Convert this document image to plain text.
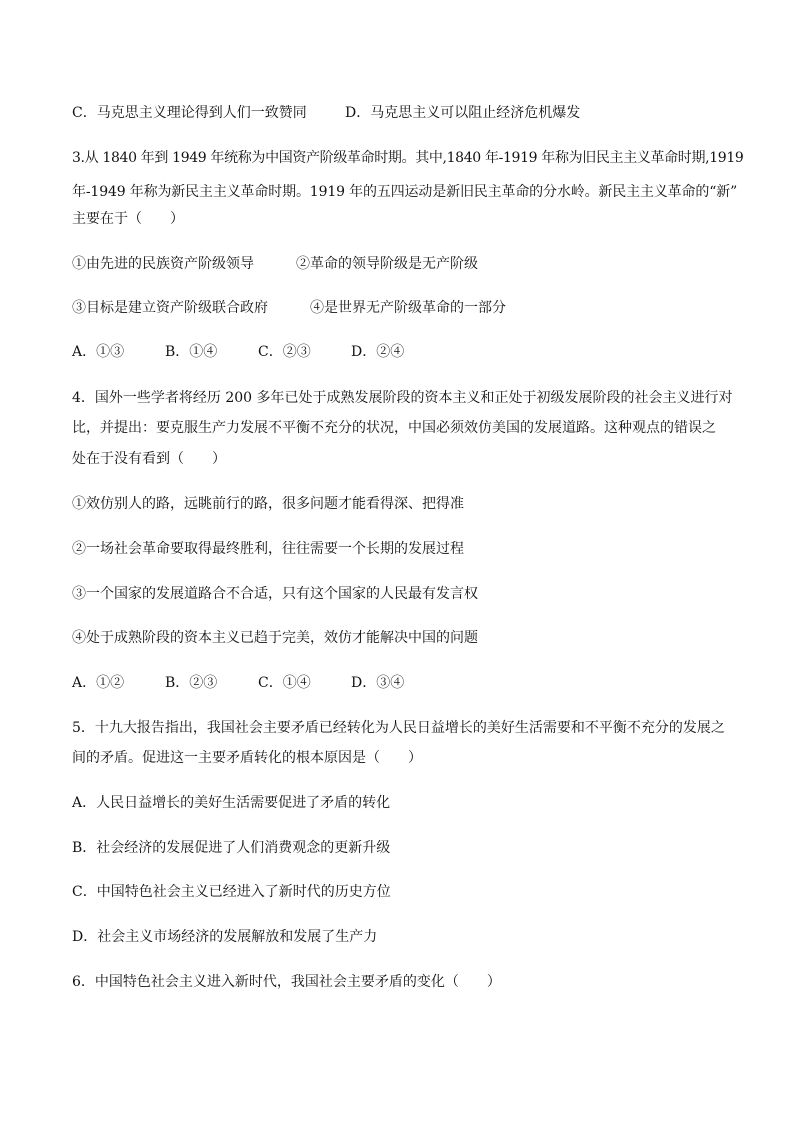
C．马克思主义理论得到人们一致赞同	D．马克思主义可以阻止经济危机爆发
3.从 1840 年到 1949 年统称为中国资产阶级革命时期。其中,1840 年-1919 年称为旧民主主义革命时期,1919
年-1949 年称为新民主主义革命时期。1919 年的五四运动是新旧民主革命的分水岭。新民主主义革命的“新”
主要在于（　　）
①由先进的民族资产阶级领导	②革命的领导阶级是无产阶级
③目标是建立资产阶级联合政府	④是世界无产阶级革命的一部分
A．①③	B．①④	C．②③	D．②④
4．国外一些学者将经历 200 多年已处于成熟发展阶段的资本主义和正处于初级发展阶段的社会主义进行对
比，并提出：要克服生产力发展不平衡不充分的状况，中国必须效仿美国的发展道路。这种观点的错误之
处在于没有看到（　　）
①效仿别人的路，远眺前行的路，很多问题才能看得深、把得准
②一场社会革命要取得最终胜利，往往需要一个长期的发展过程
③一个国家的发展道路合不合适，只有这个国家的人民最有发言权
④处于成熟阶段的资本主义已趋于完美，效仿才能解决中国的问题
A．①②	B．②③	C．①④	D．③④
5．十九大报告指出，我国社会主要矛盾已经转化为人民日益增长的美好生活需要和不平衡不充分的发展之
间的矛盾。促进这一主要矛盾转化的根本原因是（　　）
A．人民日益增长的美好生活需要促进了矛盾的转化
B．社会经济的发展促进了人们消费观念的更新升级
C．中国特色社会主义已经进入了新时代的历史方位
D．社会主义市场经济的发展解放和发展了生产力
6．中国特色社会主义进入新时代，我国社会主要矛盾的变化（　　）
